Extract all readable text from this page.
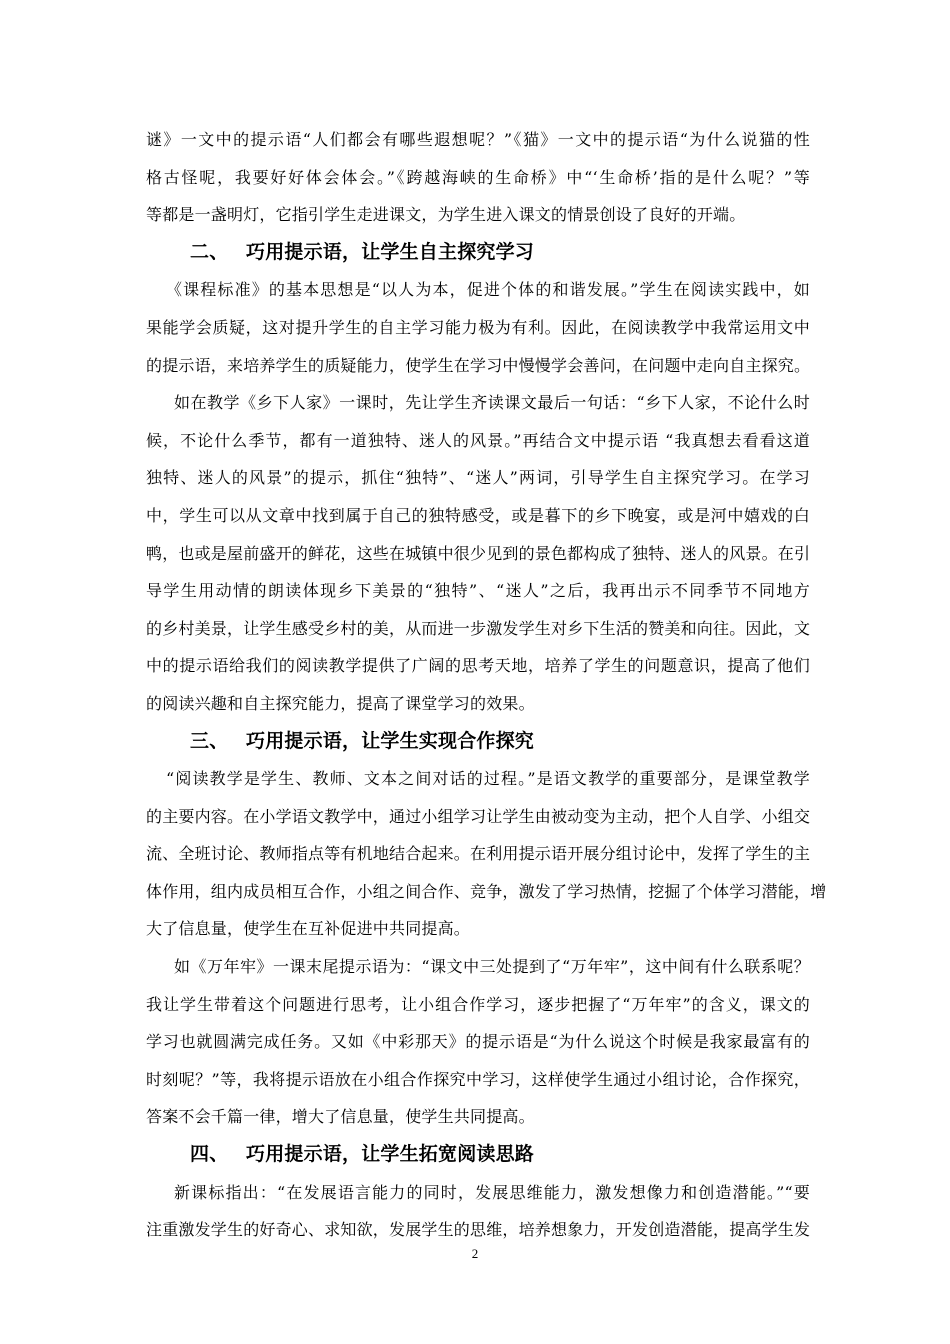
谜》一文中的提示语“人们都会有哪些遐想呢？”《猫》一文中的提示语“为什么说猫的性
格古怪呢，我要好好体会体会。”《跨越海峡的生命桥》中“‘生命桥’指的是什么呢？”等
等都是一盏明灯，它指引学生走进课文，为学生进入课文的情景创设了良好的开端。
二、 巧用提示语，让学生自主探究学习
《课程标准》的基本思想是“以人为本，促进个体的和谐发展。”学生在阅读实践中，如
果能学会质疑，这对提升学生的自主学习能力极为有利。因此，在阅读教学中我常运用文中
的提示语，来培养学生的质疑能力，使学生在学习中慢慢学会善问，在问题中走向自主探究。
如在教学《乡下人家》一课时，先让学生齐读课文最后一句话：“乡下人家，不论什么时
候，不论什么季节，都有一道独特、迷人的风景。”再结合文中提示语 “我真想去看看这道
独特、迷人的风景”的提示，抓住“独特”、“迷人”两词，引导学生自主探究学习。在学习
中，学生可以从文章中找到属于自己的独特感受，或是暮下的乡下晚宴，或是河中嬉戏的白
鸭，也或是屋前盛开的鲜花，这些在城镇中很少见到的景色都构成了独特、迷人的风景。在引
导学生用动情的朗读体现乡下美景的“独特”、“迷人”之后，我再出示不同季节不同地方
的乡村美景，让学生感受乡村的美，从而进一步激发学生对乡下生活的赞美和向往。因此，文
中的提示语给我们的阅读教学提供了广阔的思考天地，培养了学生的问题意识，提高了他们
的阅读兴趣和自主探究能力，提高了课堂学习的效果。
三、 巧用提示语，让学生实现合作探究
“阅读教学是学生、教师、文本之间对话的过程。”是语文教学的重要部分，是课堂教学
的主要内容。在小学语文教学中，通过小组学习让学生由被动变为主动，把个人自学、小组交
流、全班讨论、教师指点等有机地结合起来。在利用提示语开展分组讨论中，发挥了学生的主
体作用，组内成员相互合作，小组之间合作、竞争，激发了学习热情，挖掘了个体学习潜能，增
大了信息量，使学生在互补促进中共同提高。
如《万年牢》一课末尾提示语为：“课文中三处提到了“万年牢”，这中间有什么联系呢？
我让学生带着这个问题进行思考，让小组合作学习，逐步把握了“万年牢”的含义，课文的
学习也就圆满完成任务。又如《中彩那天》的提示语是“为什么说这个时候是我家最富有的
时刻呢？”等，我将提示语放在小组合作探究中学习，这样使学生通过小组讨论，合作探究，
答案不会千篇一律，增大了信息量，使学生共同提高。
四、 巧用提示语，让学生拓宽阅读思路
新课标指出：“在发展语言能力的同时，发展思维能力，激发想像力和创造潜能。”“要
注重激发学生的好奇心、求知欲，发展学生的思维，培养想象力，开发创造潜能，提高学生发
2
